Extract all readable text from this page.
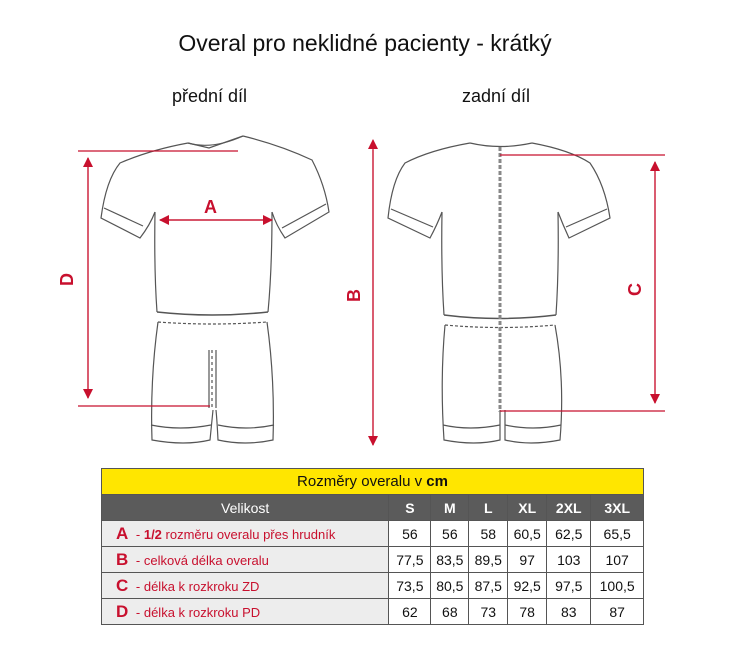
Overal pro neklidné pacienty - krátký
přední díl	zadní díl
A
D
B	C
Rozměry overalu v cm						
Velikost	S	M	L	XL	2XL	3XL
A - 1/2 rozměru overalu přes hrudník	56	56	58	60,5	62,5	65,5
B - celková délka overalu	77,5	83,5	89,5	97	103	107
C - délka k rozkroku ZD	73,5	80,5	87,5	92,5	97,5	100,5
D - délka k rozkroku PD	62	68	73	78	83	87
